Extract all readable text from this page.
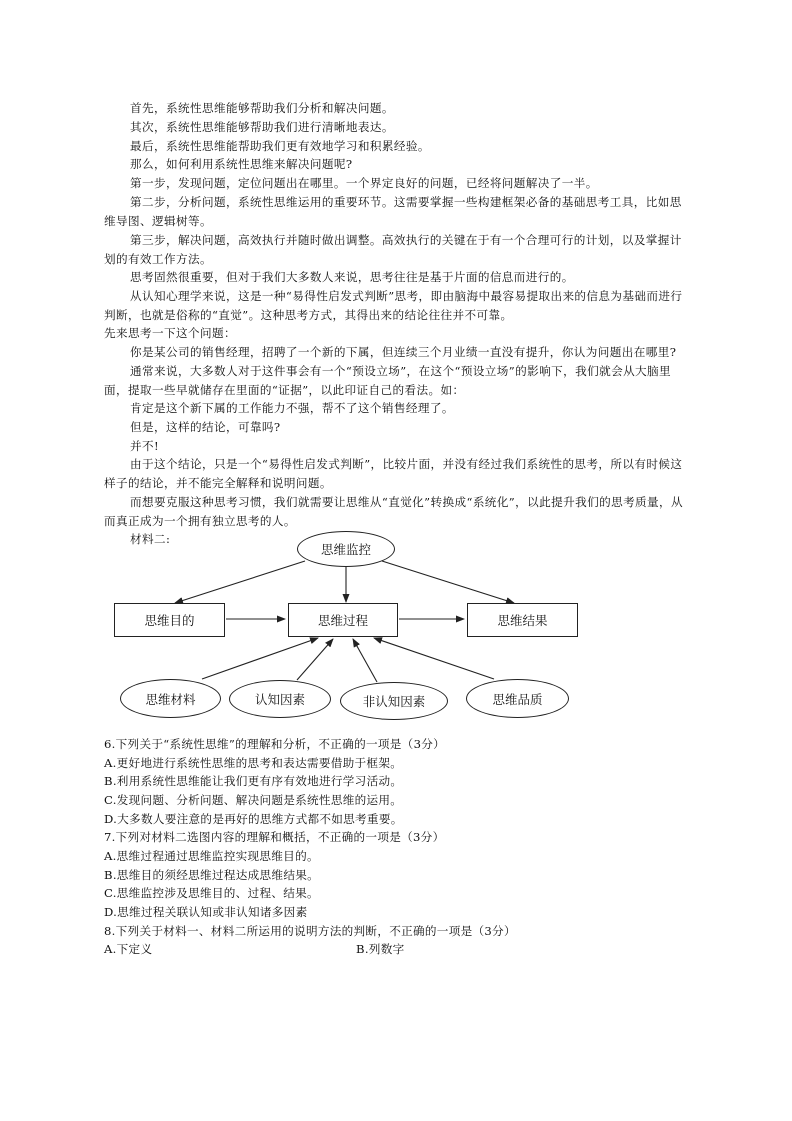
首先，系统性思维能够帮助我们分析和解决问题。

其次，系统性思维能够帮助我们进行清晰地表达。

最后，系统性思维能帮助我们更有效地学习和积累经验。

那么，如何利用系统性思维来解决问题呢?

第一步，发现问题，定位问题出在哪里。一个界定良好的问题，已经将问题解决了一半。

第二步，分析问题，系统性思维运用的重要环节。这需要掌握一些构建框架必备的基础思考工具，比如思维导图、逻辑树等。

第三步，解决问题，高效执行并随时做出调整。高效执行的关键在于有一个合理可行的计划，以及掌握计划的有效工作方法。

思考固然很重要，但对于我们大多数人来说，思考往往是基于片面的信息而进行的。

从认知心理学来说，这是一种“易得性启发式判断”思考，即由脑海中最容易提取出来的信息为基础而进行判断，也就是俗称的“直觉”。这种思考方式，其得出来的结论往往并不可靠。

先来思考一下这个问题：

你是某公司的销售经理，招聘了一个新的下属，但连续三个月业绩一直没有提升，你认为问题出在哪里?

通常来说，大多数人对于这件事会有一个“预设立场”，在这个“预设立场”的影响下，我们就会从大脑里面，提取一些早就储存在里面的“证据”，以此印证自己的看法。如：

肯定是这个新下属的工作能力不强，帮不了这个销售经理了。

但是，这样的结论，可靠吗?

并不!

由于这个结论，只是一个“易得性启发式判断”，比较片面，并没有经过我们系统性的思考，所以有时候这样子的结论，并不能完全解释和说明问题。

而想要克服这种思考习惯，我们就需要让思维从“直觉化”转换成“系统化”，以此提升我们的思考质量，从而真正成为一个拥有独立思考的人。

材料二:

思维监控
思维目的	思维过程	思维结果
思维材料	认知因素	非认知因素	思维品质

6.下列关于“系统性思维”的理解和分析，不正确的一项是（3分）

A.更好地进行系统性思维的思考和表达需要借助于框架。

B.利用系统性思维能让我们更有序有效地进行学习活动。

C.发现问题、分析问题、解决问题是系统性思维的运用。

D.大多数人要注意的是再好的思维方式都不如思考重要。

7.下列对材料二选图内容的理解和概括，不正确的一项是（3分）

A.思维过程通过思维监控实现思维目的。

B.思维目的须经思维过程达成思维结果。

C.思维监控涉及思维目的、过程、结果。

D.思维过程关联认知或非认知诸多因素

8.下列关于材料一、材料二所运用的说明方法的判断，不正确的一项是（3分）

A.下定义	B.列数字
